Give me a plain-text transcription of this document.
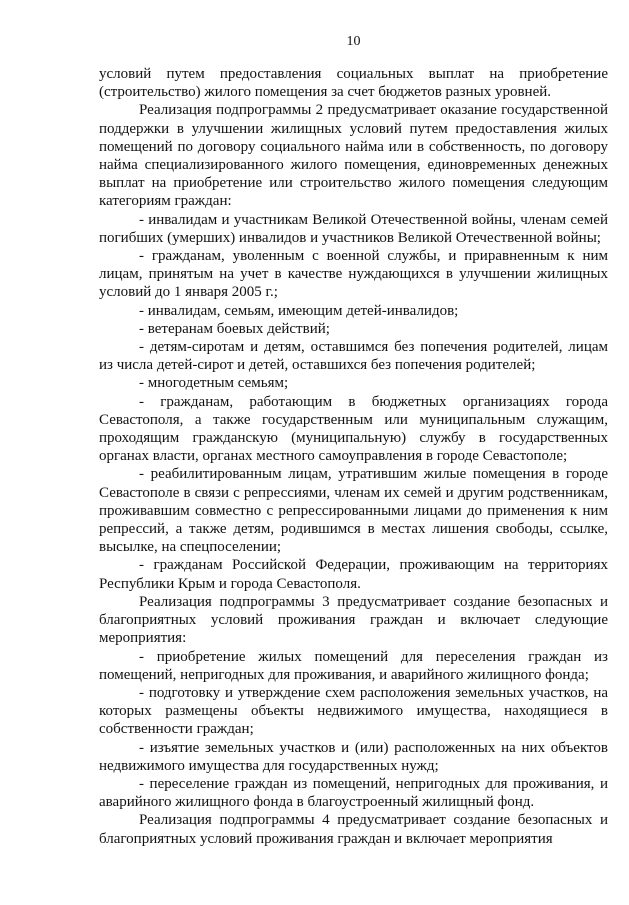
10

условий путем предоставления социальных выплат на приобретение (строительство) жилого помещения за счет бюджетов разных уровней.

Реализация подпрограммы 2 предусматривает оказание государственной поддержки в улучшении жилищных условий путем предоставления жилых помещений по договору социального найма или в собственность, по договору найма специализированного жилого помещения, единовременных денежных выплат на приобретение или строительство жилого помещения следующим категориям граждан:

- инвалидам и участникам Великой Отечественной войны, членам семей погибших (умерших) инвалидов и участников Великой Отечественной войны;

- гражданам, уволенным с военной службы, и приравненным к ним лицам, принятым на учет в качестве нуждающихся в улучшении жилищных условий до 1 января 2005 г.;

- инвалидам, семьям, имеющим детей-инвалидов;

- ветеранам боевых действий;

- детям-сиротам и детям, оставшимся без попечения родителей, лицам из числа детей-сирот и детей, оставшихся без попечения родителей;

- многодетным семьям;

- гражданам, работающим в бюджетных организациях города Севастополя, а также государственным или муниципальным служащим, проходящим гражданскую (муниципальную) службу в государственных органах власти, органах местного самоуправления в городе Севастополе;

- реабилитированным лицам, утратившим жилые помещения в городе Севастополе в связи с репрессиями, членам их семей и другим родственникам, проживавшим совместно с репрессированными лицами до применения к ним репрессий, а также детям, родившимся в местах лишения свободы, ссылке, высылке, на спецпоселении;

- гражданам Российской Федерации, проживающим на территориях Республики Крым и города Севастополя.

Реализация подпрограммы 3 предусматривает создание безопасных и благоприятных условий проживания граждан и включает следующие мероприятия:

- приобретение жилых помещений для переселения граждан из помещений, непригодных для проживания, и аварийного жилищного фонда;

- подготовку и утверждение схем расположения земельных участков, на которых размещены объекты недвижимого имущества, находящиеся в собственности граждан;

- изъятие земельных участков и (или) расположенных на них объектов недвижимого имущества для государственных нужд;

- переселение граждан из помещений, непригодных для проживания, и аварийного жилищного фонда в благоустроенный жилищный фонд.

Реализация подпрограммы 4 предусматривает создание безопасных и благоприятных условий проживания граждан и включает мероприятия
